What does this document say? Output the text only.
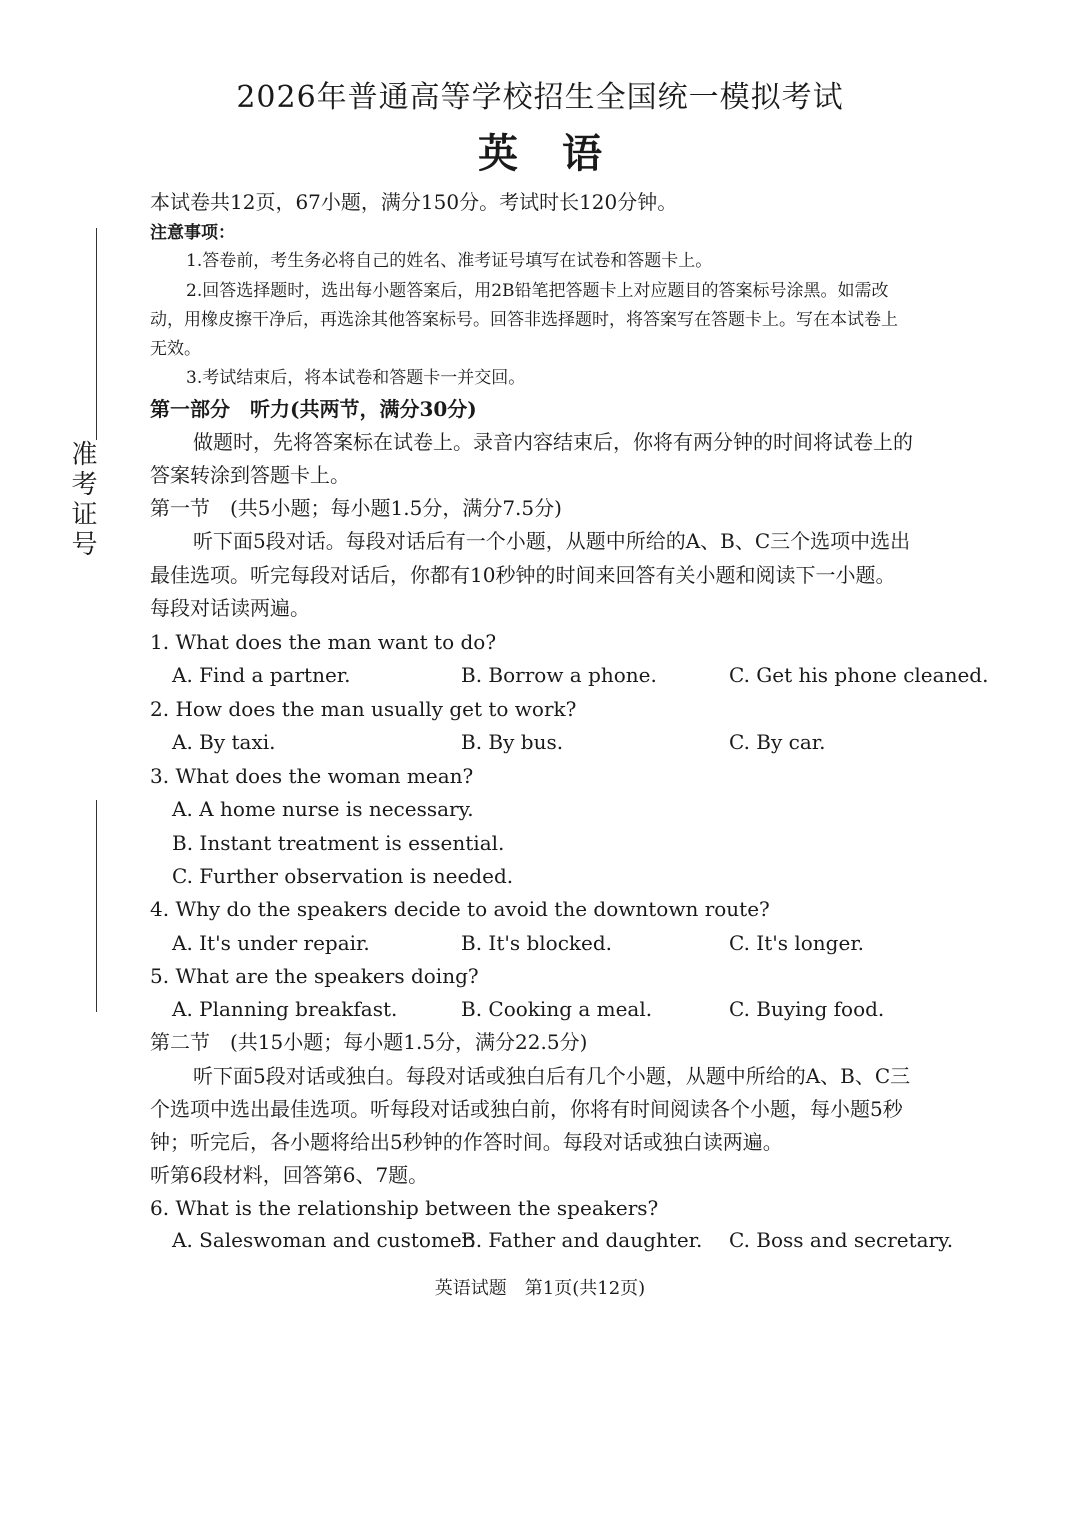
2026年普通高等学校招生全国统一模拟考试
英语
准考证号
本试卷共12页，67小题，满分150分。考试时长120分钟。
注意事项：
1.答卷前，考生务必将自己的姓名、准考证号填写在试卷和答题卡上。
2.回答选择题时，选出每小题答案后，用2B铅笔把答题卡上对应题目的答案标号涂黑。如需改
动，用橡皮擦干净后，再选涂其他答案标号。回答非选择题时，将答案写在答题卡上。写在本试卷上
无效。
3.考试结束后，将本试卷和答题卡一并交回。
第一部分　听力(共两节，满分30分)
做题时，先将答案标在试卷上。录音内容结束后，你将有两分钟的时间将试卷上的
答案转涂到答题卡上。
第一节　(共5小题；每小题1.5分，满分7.5分)
听下面5段对话。每段对话后有一个小题，从题中所给的A、B、C三个选项中选出
最佳选项。听完每段对话后，你都有10秒钟的时间来回答有关小题和阅读下一小题。
每段对话读两遍。
1. What does the man want to do?
A. Find a partner.	B. Borrow a phone.	C. Get his phone cleaned.
2. How does the man usually get to work?
A. By taxi.	B. By bus.	C. By car.
3. What does the woman mean?
A. A home nurse is necessary.
B. Instant treatment is essential.
C. Further observation is needed.
4. Why do the speakers decide to avoid the downtown route?
A. It's under repair.	B. It's blocked.	C. It's longer.
5. What are the speakers doing?
A. Planning breakfast.	B. Cooking a meal.	C. Buying food.
第二节　(共15小题；每小题1.5分，满分22.5分)
听下面5段对话或独白。每段对话或独白后有几个小题，从题中所给的A、B、C三
个选项中选出最佳选项。听每段对话或独白前，你将有时间阅读各个小题，每小题5秒
钟；听完后，各小题将给出5秒钟的作答时间。每段对话或独白读两遍。
听第6段材料，回答第6、7题。
6. What is the relationship between the speakers?
A. Saleswoman and customer.
B. Father and daughter. C. Boss and secretary.
英语试题　第1页(共12页)
